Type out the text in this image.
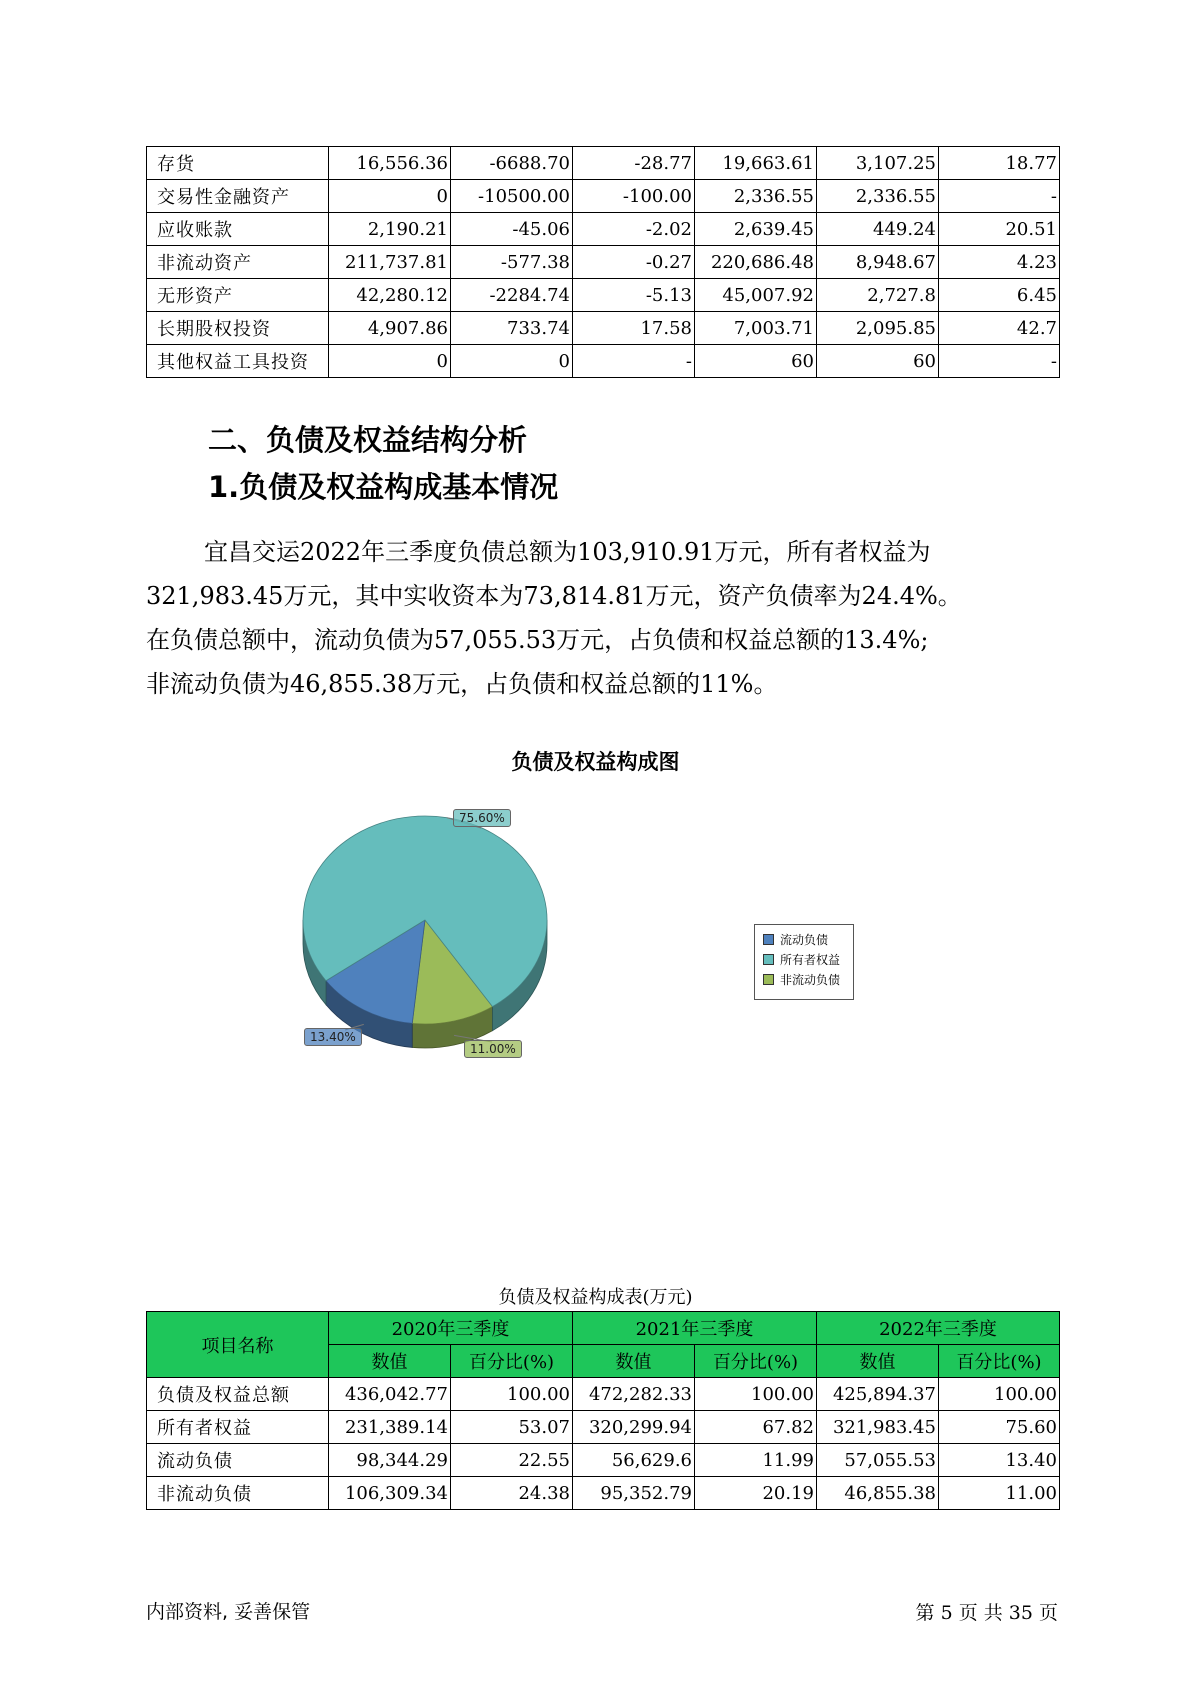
存货	16,556.36	-6688.70	-28.77	19,663.61	3,107.25	18.77
交易性金融资产	0	-10500.00	-100.00	2,336.55	2,336.55	-
应收账款	2,190.21	-45.06	-2.02	2,639.45	449.24	20.51
非流动资产	211,737.81	-577.38	-0.27	220,686.48	8,948.67	4.23
无形资产	42,280.12	-2284.74	-5.13	45,007.92	2,727.8	6.45
长期股权投资	4,907.86	733.74	17.58	7,003.71	2,095.85	42.7
其他权益工具投资	0	0	-	60	60	-
二、负债及权益结构分析
1.负债及权益构成基本情况
宜昌交运2022年三季度负债总额为103,910.91万元，所有者权益为
321,983.45万元，其中实收资本为73,814.81万元，资产负债率为24.4%。
在负债总额中，流动负债为57,055.53万元，占负债和权益总额的13.4%;
非流动负债为46,855.38万元，占负债和权益总额的11%。
负债及权益构成图
75.60%
13.40%
11.00%
流动负债
所有者权益
非流动负债
负债及权益构成表(万元)
项目名称	2020年三季度		2021年三季度		2022年三季度	
	数值	百分比(%)	数值	百分比(%)	数值	百分比(%)
负债及权益总额	436,042.77	100.00	472,282.33	100.00	425,894.37	100.00
所有者权益	231,389.14	53.07	320,299.94	67.82	321,983.45	75.60
流动负债	98,344.29	22.55	56,629.6	11.99	57,055.53	13.40
非流动负债	106,309.34	24.38	95,352.79	20.19	46,855.38	11.00
内部资料, 妥善保管	第 5 页 共 35 页
